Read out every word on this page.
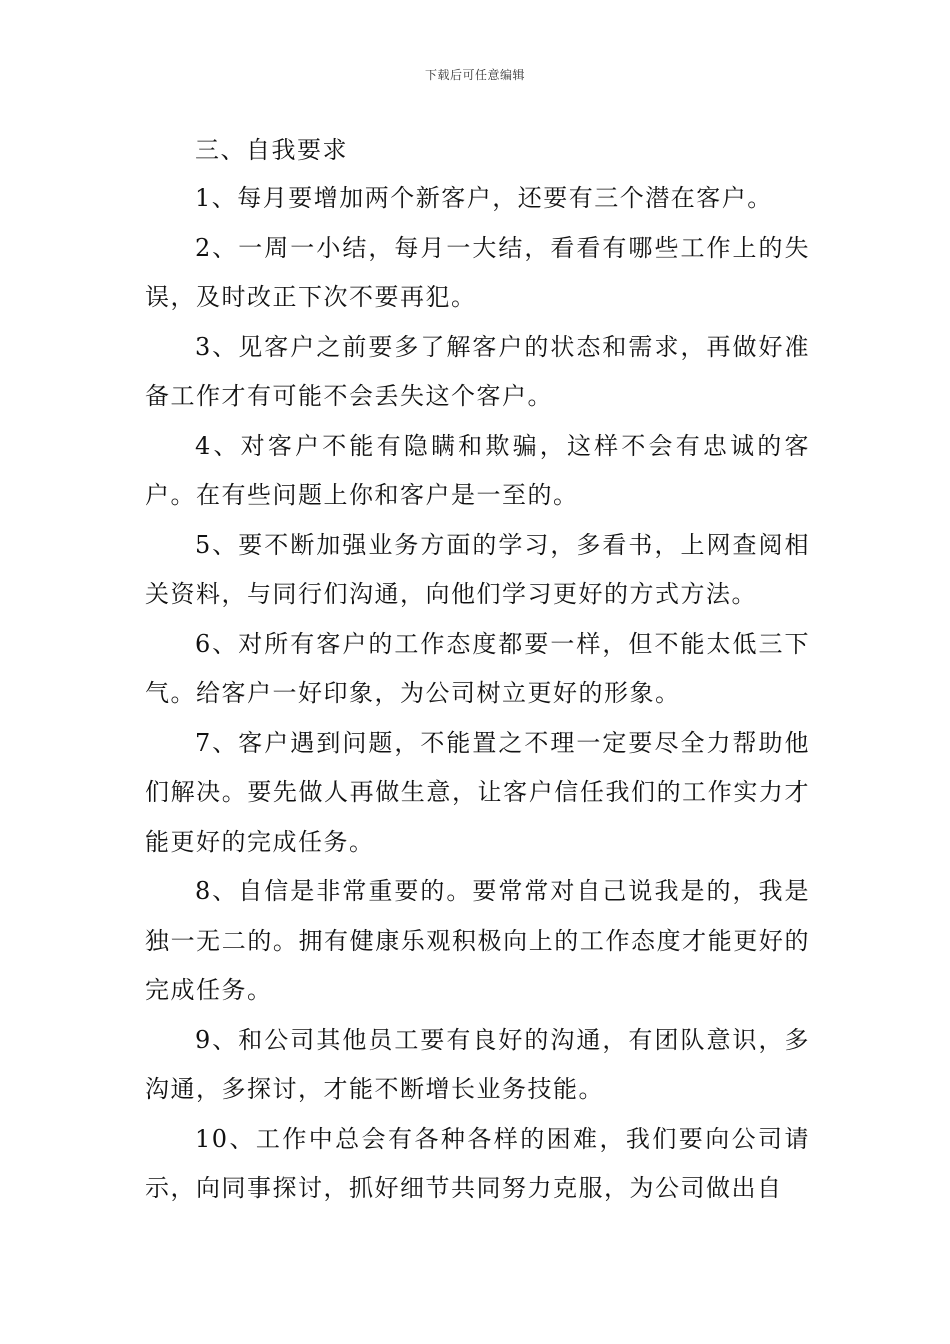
下载后可任意编辑

三、自我要求

1、每月要增加两个新客户，还要有三个潜在客户。

2、一周一小结，每月一大结，看看有哪些工作上的失误，及时改正下次不要再犯。

3、见客户之前要多了解客户的状态和需求，再做好准备工作才有可能不会丢失这个客户。

4、对客户不能有隐瞒和欺骗，这样不会有忠诚的客户。在有些问题上你和客户是一至的。

5、要不断加强业务方面的学习，多看书，上网查阅相关资料，与同行们沟通，向他们学习更好的方式方法。

6、对所有客户的工作态度都要一样，但不能太低三下气。给客户一好印象，为公司树立更好的形象。

7、客户遇到问题，不能置之不理一定要尽全力帮助他们解决。要先做人再做生意，让客户信任我们的工作实力才能更好的完成任务。

8、自信是非常重要的。要常常对自己说我是的，我是独一无二的。拥有健康乐观积极向上的工作态度才能更好的完成任务。

9、和公司其他员工要有良好的沟通，有团队意识，多沟通，多探讨，才能不断增长业务技能。

10、工作中总会有各种各样的困难，我们要向公司请示，向同事探讨，抓好细节共同努力克服，为公司做出自
